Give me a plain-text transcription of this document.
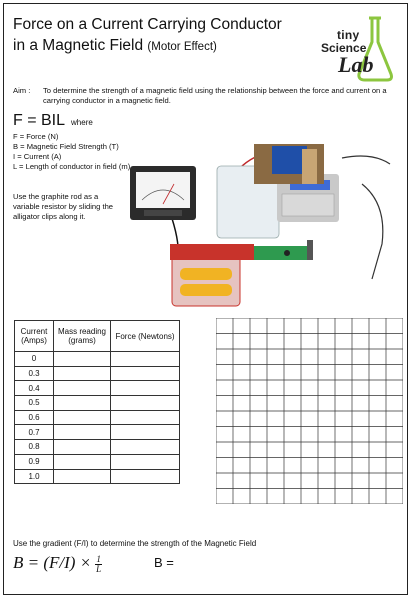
Force on a Current Carrying Conductor
in a Magnetic Field (Motor Effect)
tiny
Science
Lab
Aim : To determine the strength of a magnetic field using the relationship between the force and current on a carrying conductor in a magnetic field.
F = BIL where
F = Force (N)
B = Magnetic Field Strength (T)
I = Current (A)
L = Length of conductor in field (m)
Use the graphite rod as a variable resistor by sliding the alligator clips along it.
Current (Amps)	Mass reading (grams)	Force (Newtons)
0		
0.3		
0.4		
0.5		
0.6		
0.7		
0.8		
0.9		
1.0		
Use the gradient (F/I) to determine the strength of the Magnetic Field
$B = (F/I) \times \frac{1}{L}$	B =
